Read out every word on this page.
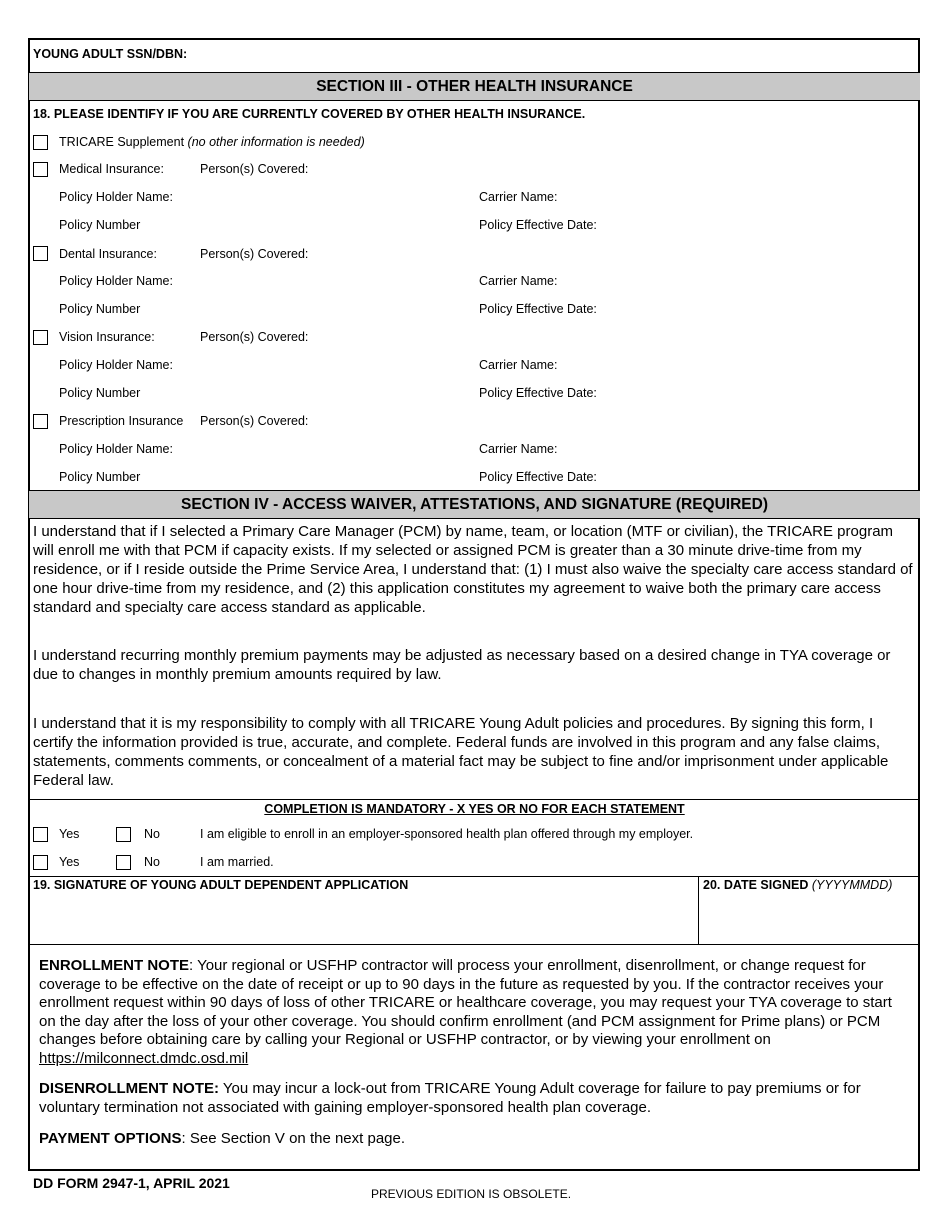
YOUNG ADULT SSN/DBN:
SECTION III - OTHER HEALTH INSURANCE
18. PLEASE IDENTIFY IF YOU ARE CURRENTLY COVERED BY OTHER HEALTH INSURANCE.
TRICARE Supplement (no other information is needed)
Medical Insurance:	Person(s) Covered:
Policy Holder Name:	Carrier Name:
Policy Number	Policy Effective Date:
Dental Insurance:	Person(s) Covered:
Policy Holder Name:	Carrier Name:
Policy Number	Policy Effective Date:
Vision Insurance:	Person(s) Covered:
Policy Holder Name:	Carrier Name:
Policy Number	Policy Effective Date:
Prescription Insurance Person(s) Covered:
Policy Holder Name:	Carrier Name:
Policy Number	Policy Effective Date:
SECTION IV - ACCESS WAIVER, ATTESTATIONS, AND SIGNATURE (REQUIRED)
I understand that if I selected a Primary Care Manager (PCM) by name, team, or location (MTF or civilian), the TRICARE program will enroll me with that PCM if capacity exists. If my selected or assigned PCM is greater than a 30 minute drive-time from my residence, or if I reside outside the Prime Service Area, I understand that: (1) I must also waive the specialty care access standard of one hour drive-time from my residence, and (2) this application constitutes my agreement to waive both the primary care access standard and specialty care access standard as applicable.
I understand recurring monthly premium payments may be adjusted as necessary based on a desired change in TYA coverage or due to changes in monthly premium amounts required by law.
I understand that it is my responsibility to comply with all TRICARE Young Adult policies and procedures. By signing this form, I certify the information provided is true, accurate, and complete. Federal funds are involved in this program and any false claims, statements, comments comments, or concealment of a material fact may be subject to fine and/or imprisonment under applicable Federal law.
COMPLETION IS MANDATORY - X YES OR NO FOR EACH STATEMENT
Yes	No	I am eligible to enroll in an employer-sponsored health plan offered through my employer.
Yes	No	I am married.
19. SIGNATURE OF YOUNG ADULT DEPENDENT APPLICATION	20. DATE SIGNED (YYYYMMDD)
ENROLLMENT NOTE: Your regional or USFHP contractor will process your enrollment, disenrollment, or change request for coverage to be effective on the date of receipt or up to 90 days in the future as requested by you. If the contractor receives your enrollment request within 90 days of loss of other TRICARE or healthcare coverage, you may request your TYA coverage to start on the day after the loss of your other coverage. You should confirm enrollment (and PCM assignment for Prime plans) or PCM changes before obtaining care by calling your Regional or USFHP contractor, or by viewing your enrollment on https://milconnect.dmdc.osd.mil
DISENROLLMENT NOTE: You may incur a lock-out from TRICARE Young Adult coverage for failure to pay premiums or for voluntary termination not associated with gaining employer-sponsored health plan coverage.
PAYMENT OPTIONS: See Section V on the next page.
DD FORM 2947-1, APRIL 2021
PREVIOUS EDITION IS OBSOLETE.
